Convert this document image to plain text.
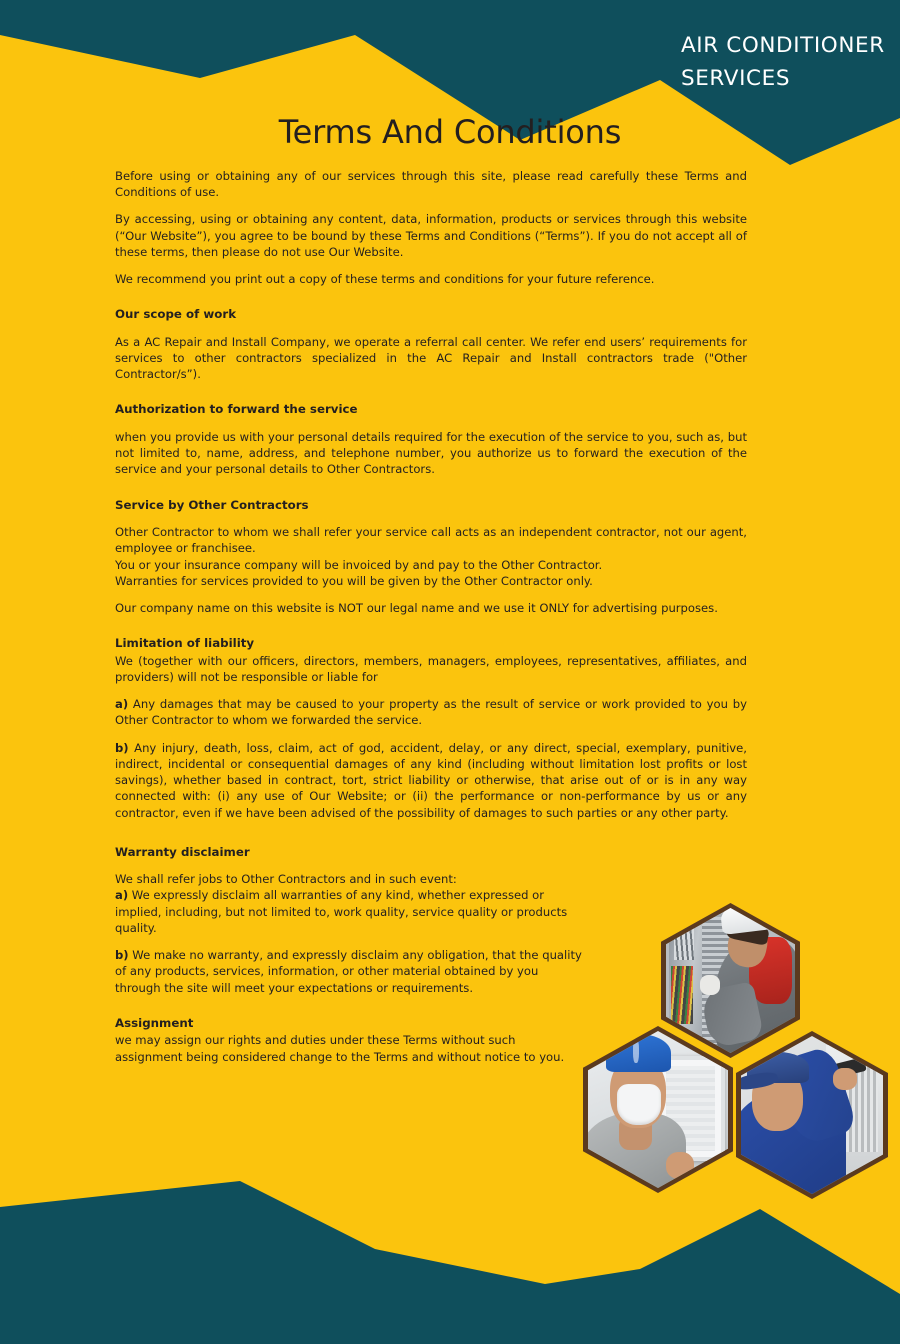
AIR CONDITIONER
SERVICES
Terms And Conditions

Before using or obtaining any of our services through this site, please read carefully these Terms and Conditions of use.

By accessing, using or obtaining any content, data, information, products or services through this website (“Our Website”), you agree to be bound by these Terms and Conditions (“Terms”). If you do not accept all of these terms, then please do not use Our Website.

We recommend you print out a copy of these terms and conditions for your future reference.

Our scope of work

As a AC Repair and Install Company, we operate a referral call center. We refer end users’ requirements for services to other contractors specialized in the AC Repair and Install contractors trade ("Other Contractor/s”).

Authorization to forward the service

when you provide us with your personal details required for the execution of the service to you, such as, but not limited to, name, address, and telephone number, you authorize us to forward the execution of the service and your personal details to Other Contractors.

Service by Other Contractors

Other Contractor to whom we shall refer your service call acts as an independent contractor, not our agent, employee or franchisee.

You or your insurance company will be invoiced by and pay to the Other Contractor.

Warranties for services provided to you will be given by the Other Contractor only.

Our company name on this website is NOT our legal name and we use it ONLY for advertising purposes.

Limitation of liability

We (together with our officers, directors, members, managers, employees, representatives, affiliates, and providers) will not be responsible or liable for

a) Any damages that may be caused to your property as the result of service or work provided to you by Other Contractor to whom we forwarded the service.

b) Any injury, death, loss, claim, act of god, accident, delay, or any direct, special, exemplary, punitive, indirect, incidental or consequential damages of any kind (including without limitation lost profits or lost savings), whether based in contract, tort, strict liability or otherwise, that arise out of or is in any way connected with: (i) any use of Our Website; or (ii) the performance or non-performance by us or any contractor, even if we have been advised of the possibility of damages to such parties or any other party.

Warranty disclaimer

We shall refer jobs to Other Contractors and in such event:

a) We expressly disclaim all warranties of any kind, whether expressed or implied, including, but not limited to, work quality, service quality or products quality.

b) We make no warranty, and expressly disclaim any obligation, that the quality of any products, services, information, or other material obtained by you through the site will meet your expectations or requirements.

Assignment

we may assign our rights and duties under these Terms without such assignment being considered change to the Terms and without notice to you.
